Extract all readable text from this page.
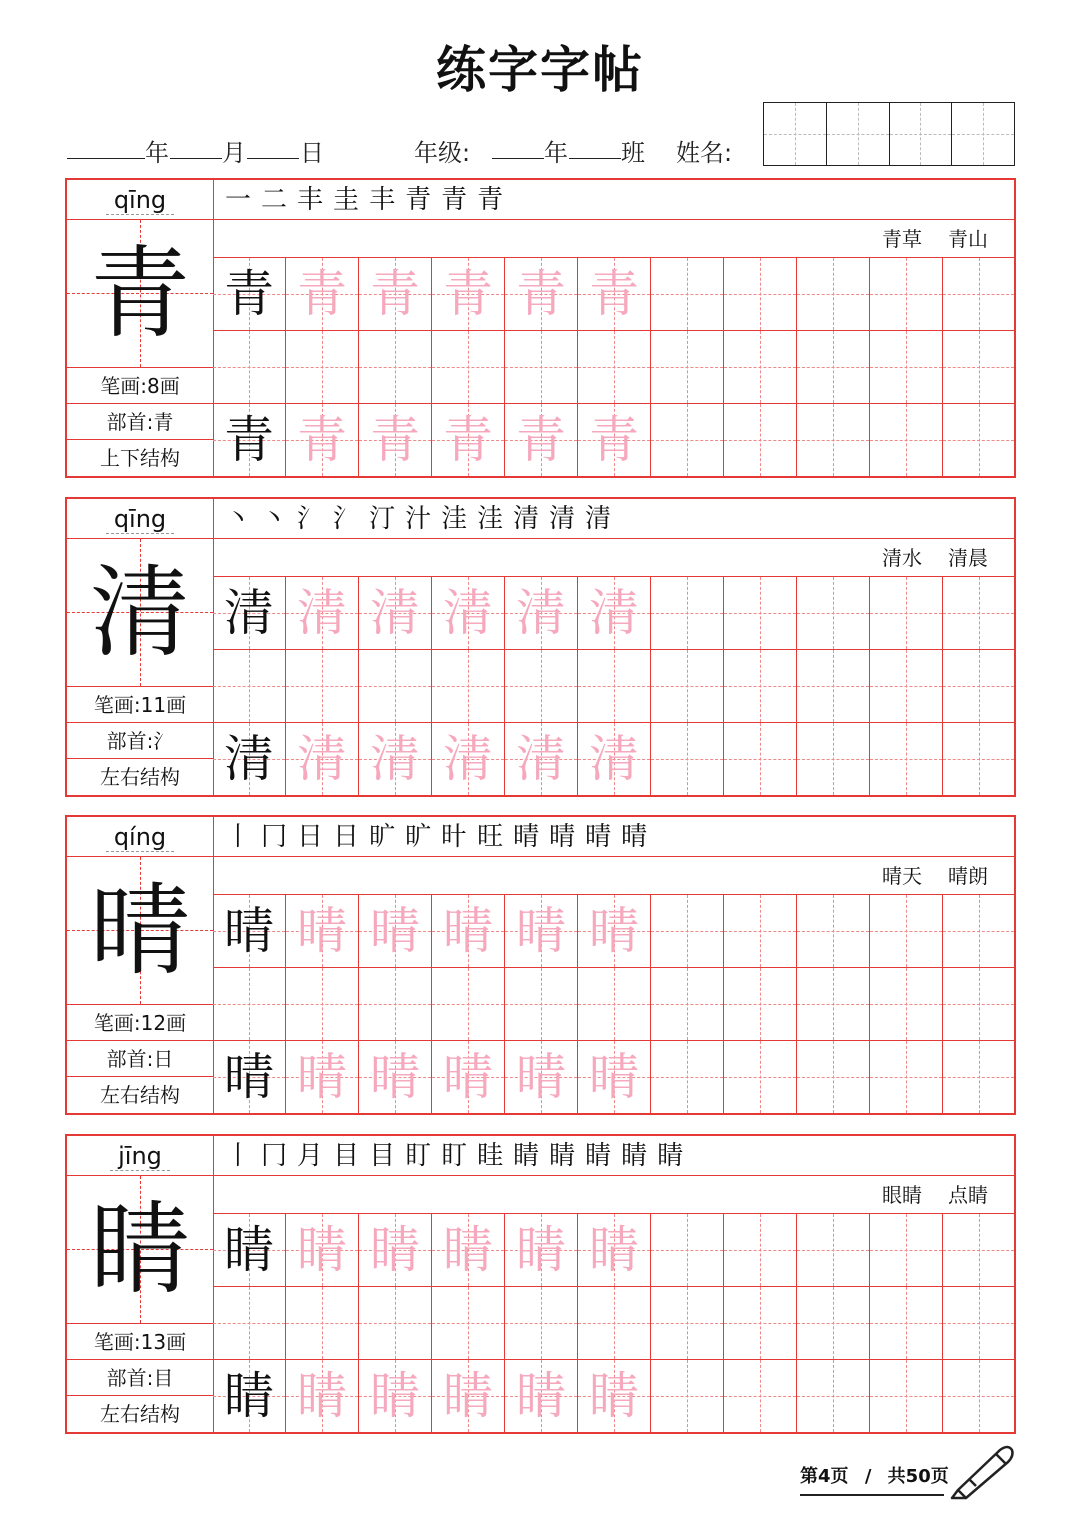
练字字帖
年 月 日	年级:	年 班 姓名:
qīng
青
笔画:8画
部首:青
上下结构
一 二 丰 圭 丰 青 青 青
青草 青山
青 青 青 青 青 青
青 青 青 青 青 青
qīng
清
笔画:11画
部首:氵
左右结构
丶 丶 氵 氵 汀 汁 洼 洼 清 清 清
清水 清晨
清 清 清 清 清 清
清 清 清 清 清 清
qíng
晴
笔画:12画
部首:日
左右结构
丨 冂 日 日 旷 旷 旪 旺 晴 晴 晴 晴
晴天 晴朗
晴 晴 晴 晴 晴 晴
晴 晴 晴 晴 晴 晴
jīng
睛
笔画:13画
部首:目
左右结构
丨 冂 月 目 目 盯 盯 眭 睛 睛 睛 睛 睛
眼睛 点睛
睛 睛 睛 睛 睛 睛
睛 睛 睛 睛 睛 睛
第4页 / 共50页
